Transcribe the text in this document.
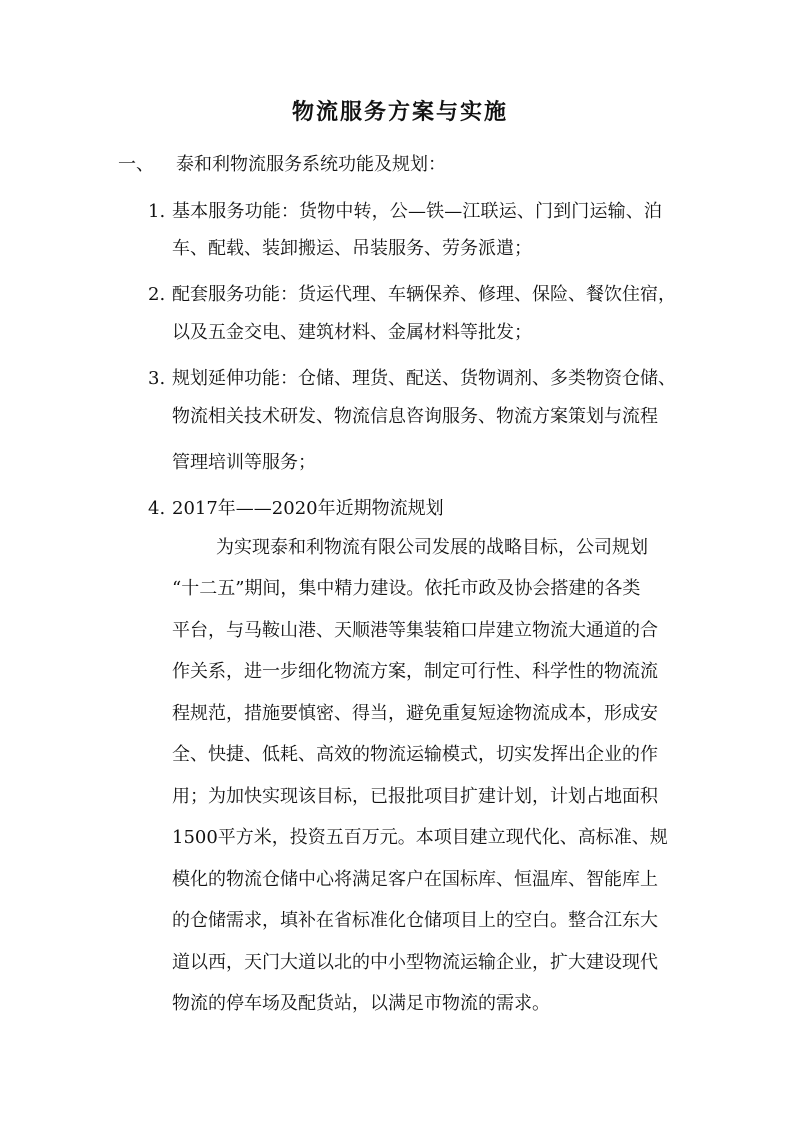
物流服务方案与实施
一、 泰和利物流服务系统功能及规划：
1. 基本服务功能：货物中转，公—铁—江联运、门到门运输、泊
车、配载、装卸搬运、吊装服务、劳务派遣；
2. 配套服务功能：货运代理、车辆保养、修理、保险、餐饮住宿，
以及五金交电、建筑材料、金属材料等批发；
3. 规划延伸功能：仓储、理货、配送、货物调剂、多类物资仓储、
物流相关技术研发、物流信息咨询服务、物流方案策划与流程
管理培训等服务；
4. 2017年——2020年近期物流规划
为实现泰和利物流有限公司发展的战略目标，公司规划
“十二五”期间，集中精力建设。依托市政及协会搭建的各类
平台，与马鞍山港、天顺港等集装箱口岸建立物流大通道的合
作关系，进一步细化物流方案，制定可行性、科学性的物流流
程规范，措施要慎密、得当，避免重复短途物流成本，形成安
全、快捷、低耗、高效的物流运输模式，切实发挥出企业的作
用；为加快实现该目标，已报批项目扩建计划，计划占地面积
1500平方米，投资五百万元。本项目建立现代化、高标准、规
模化的物流仓储中心将满足客户在国标库、恒温库、智能库上
的仓储需求，填补在省标准化仓储项目上的空白。整合江东大
道以西，天门大道以北的中小型物流运输企业，扩大建设现代
物流的停车场及配货站，以满足市物流的需求。
